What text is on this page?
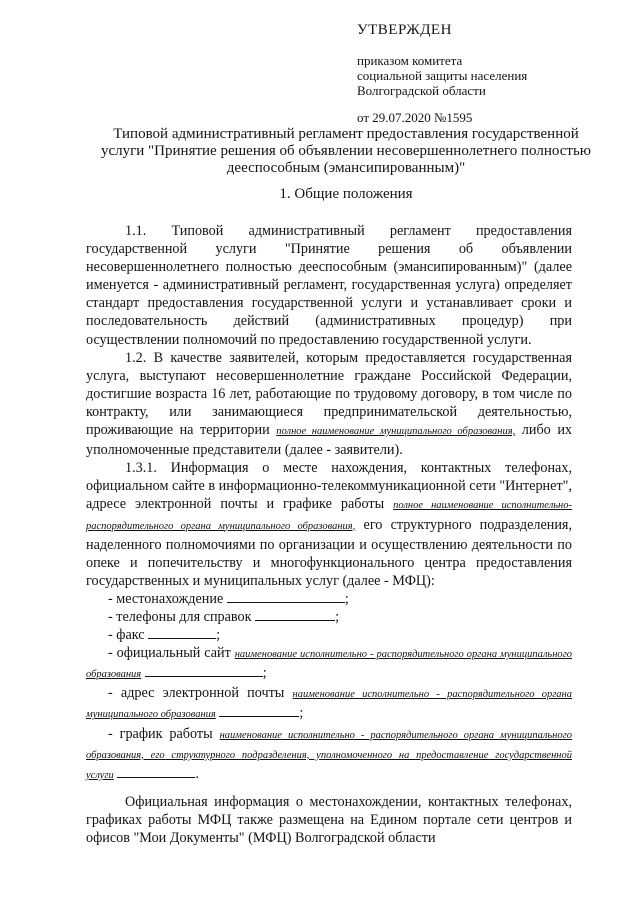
УТВЕРЖДЕН
приказом комитета
социальной защиты населения
Волгоградской области
от 29.07.2020 №1595
Типовой административный регламент предоставления государственной услуги "Принятие решения об объявлении несовершеннолетнего полностью дееспособным (эмансипированным)"
1. Общие положения

1.1. Типовой административный регламент предоставления государственной услуги "Принятие решения об объявлении несовершеннолетнего полностью дееспособным (эмансипированным)" (далее именуется - административный регламент, государственная услуга) определяет стандарт предоставления государственной услуги и устанавливает сроки и последовательность действий (административных процедур) при осуществлении полномочий по предоставлению государственной услуги.

1.2. В качестве заявителей, которым предоставляется государственная услуга, выступают несовершеннолетние граждане Российской Федерации, достигшие возраста 16 лет, работающие по трудовому договору, в том числе по контракту, или занимающиеся предпринимательской деятельностью, проживающие на территории полное наименование муниципального образования, либо их уполномоченные представители (далее - заявители).

1.3.1. Информация о месте нахождения, контактных телефонах, официальном сайте в информационно-телекоммуникационной сети "Интернет", адресе электронной почты и графике работы полное наименование исполнительно-распорядительного органа муниципального образования, его структурного подразделения, наделенного полномочиями по организации и осуществлению деятельности по опеке и попечительству и многофункционального центра предоставления государственных и муниципальных услуг (далее - МФЦ):

- местонахождение	;

- телефоны для справок	;

- факс	;

- официальный сайт наименование исполнительно - распорядительного органа муниципального образования	;

- адрес электронной почты наименование исполнительно - распорядительного органа муниципального образования	;

- график работы наименование исполнительно - распорядительного органа муниципального образования, его структурного подразделения, уполномоченного на предоставление государственной услуги	.

Официальная информация о местонахождении, контактных телефонах, графиках работы МФЦ также размещена на Едином портале сети центров и офисов "Мои Документы" (МФЦ) Волгоградской области
